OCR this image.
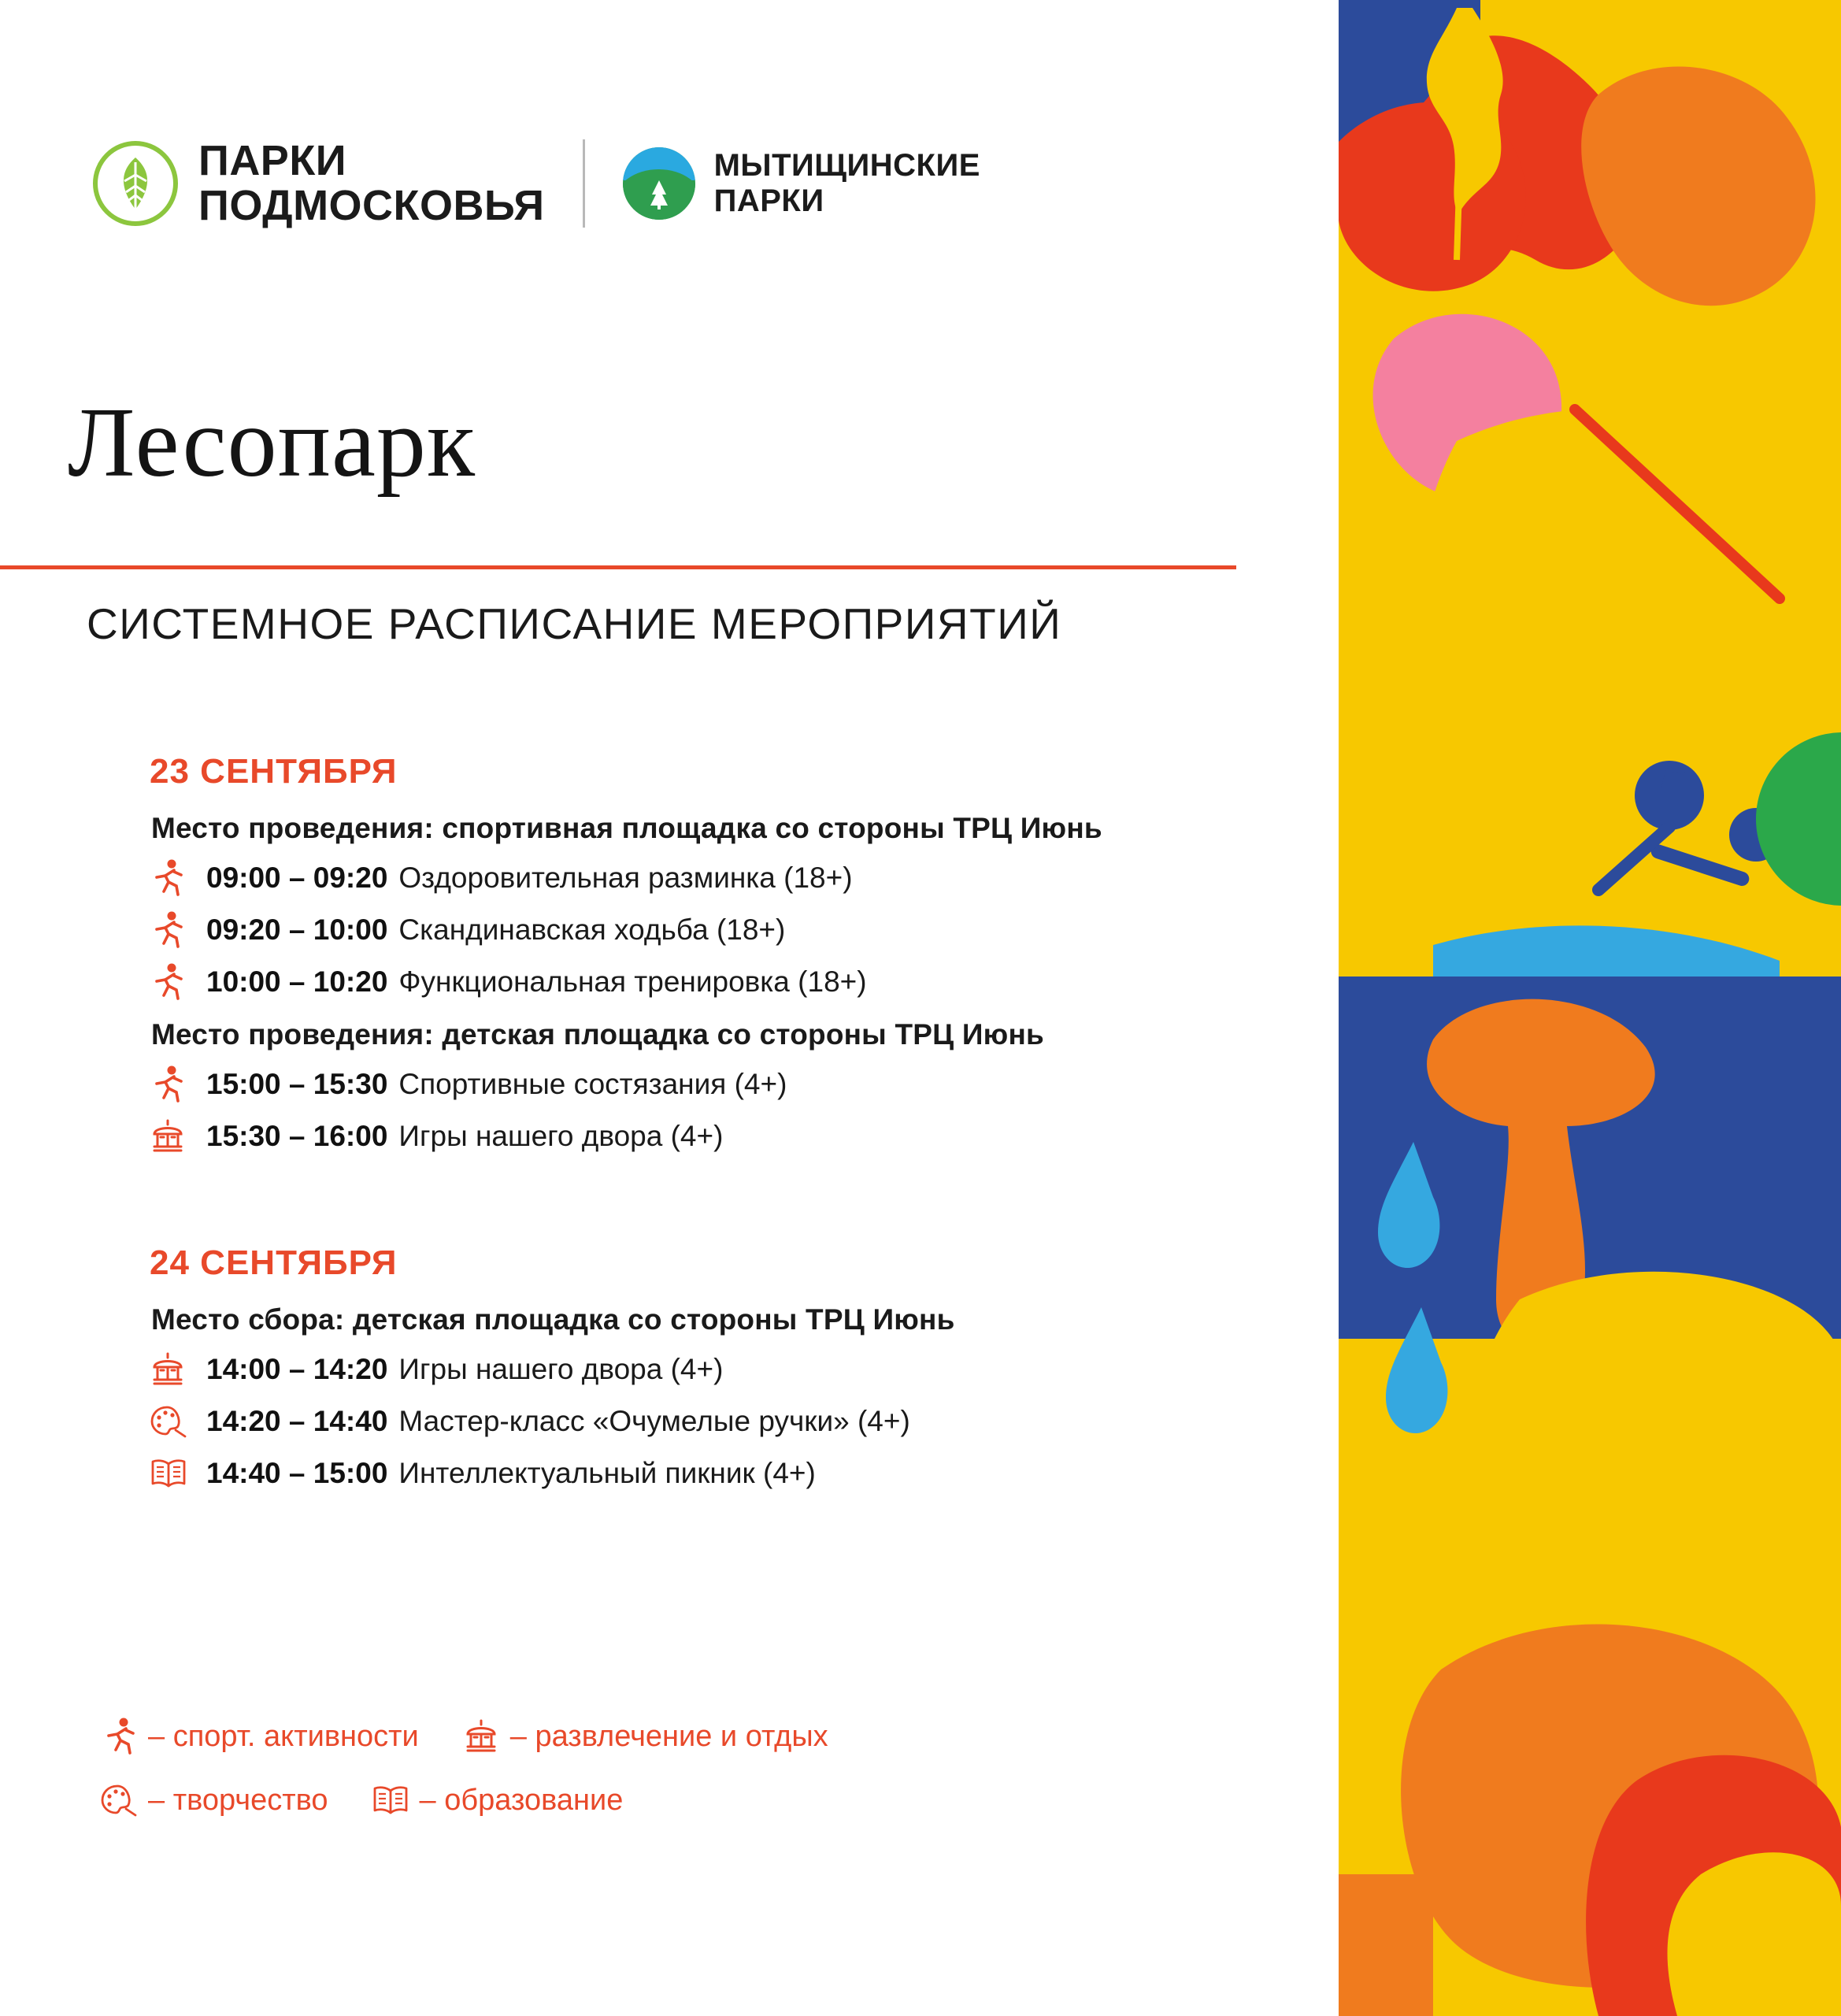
ПАРКИ
ПОДМОСКОВЬЯ
МЫТИЩИНСКИЕ
ПАРКИ
Лесопарк
СИСТЕМНОЕ РАСПИСАНИЕ МЕРОПРИЯТИЙ
23 СЕНТЯБРЯ
Место проведения: спортивная площадка со стороны ТРЦ Июнь
09:00 – 09:20 Оздоровительная разминка (18+)
09:20 – 10:00 Скандинавская ходьба (18+)
10:00 – 10:20 Функциональная тренировка (18+)
Место проведения: детская площадка со стороны ТРЦ Июнь
15:00 – 15:30 Спортивные состязания (4+)
15:30 – 16:00 Игры нашего двора (4+)
24 СЕНТЯБРЯ
Место сбора: детская площадка со стороны ТРЦ Июнь
14:00 – 14:20 Игры нашего двора (4+)
14:20 – 14:40 Мастер-класс «Очумелые ручки» (4+)
14:40 – 15:00 Интеллектуальный пикник (4+)
– спорт. активности	– развлечение и отдых
– творчество	– образование
